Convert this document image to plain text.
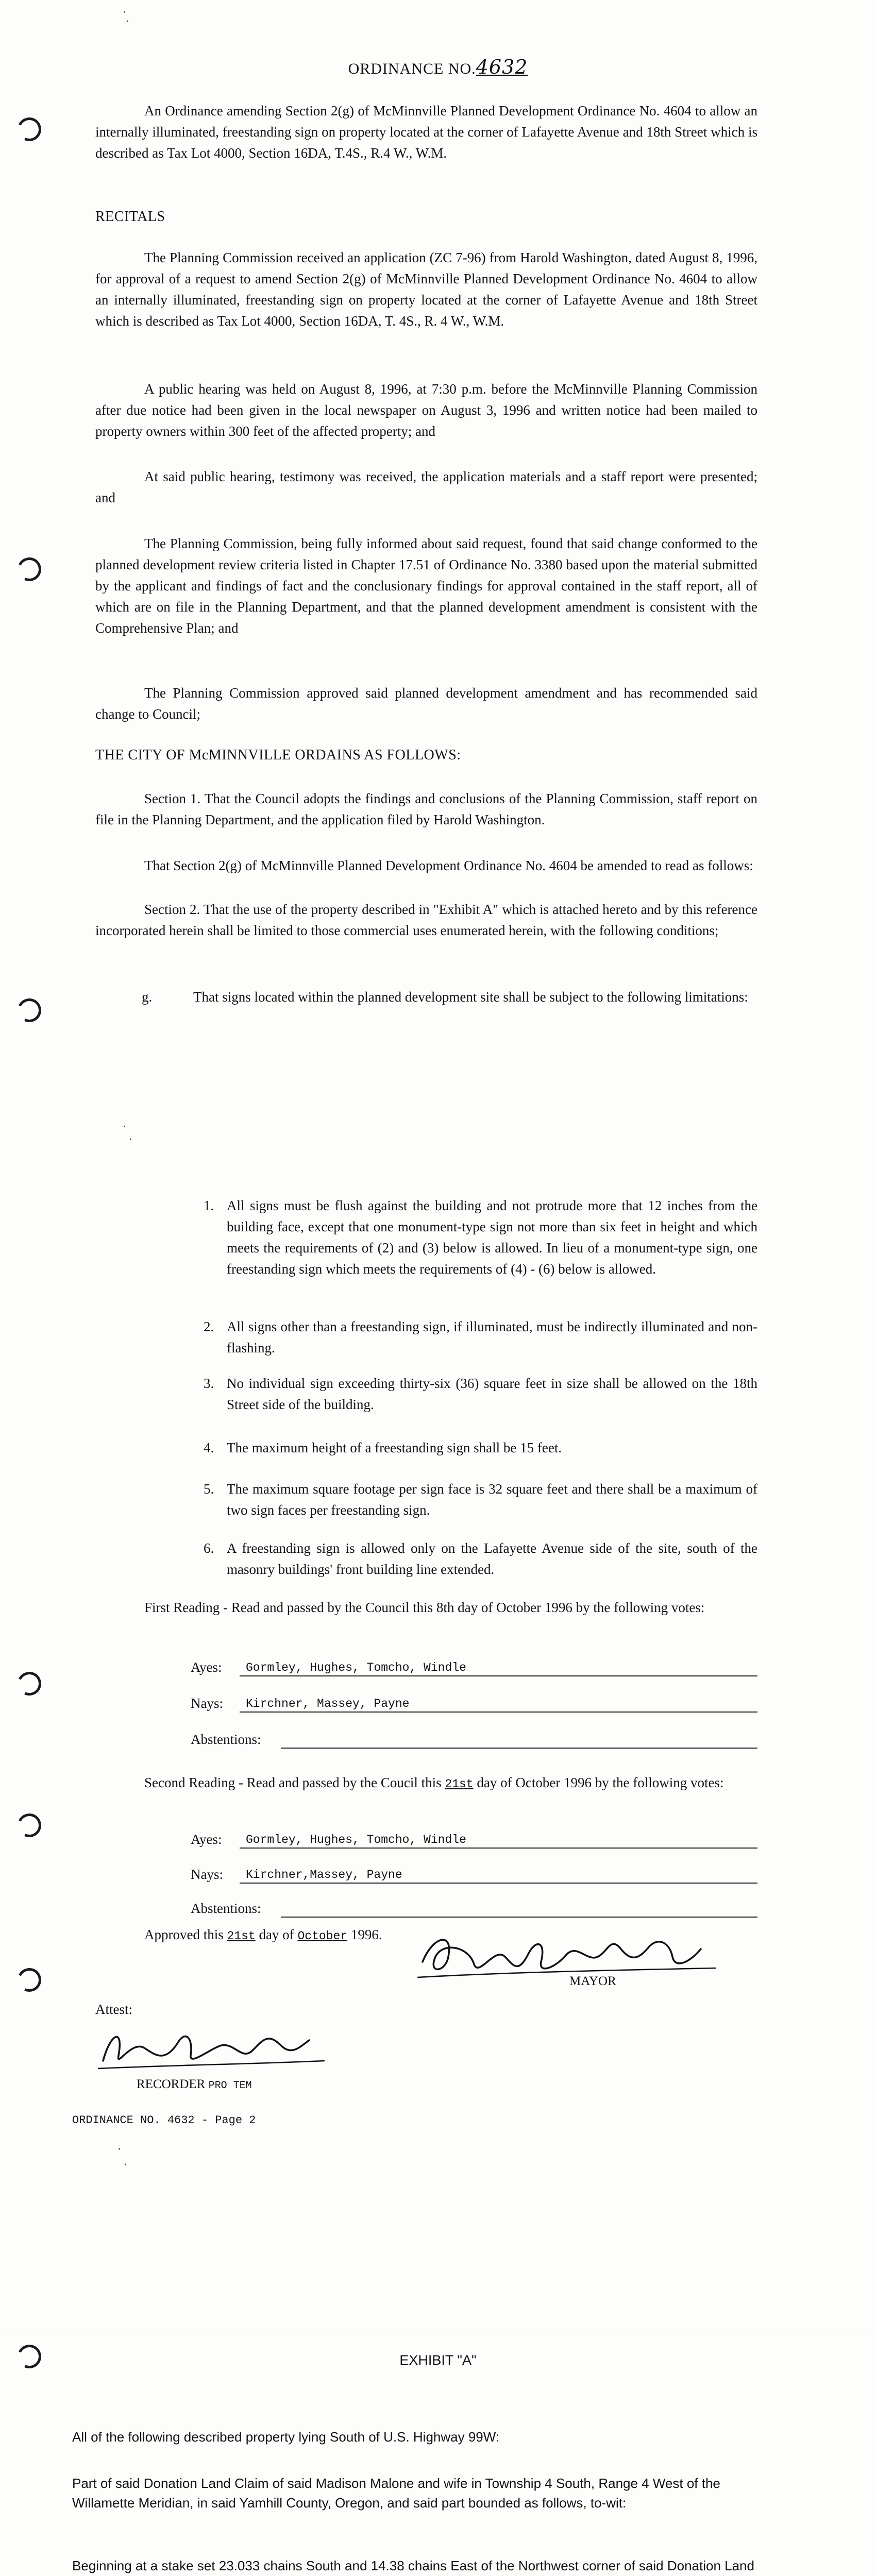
·
·
ORDINANCE NO.4632

An Ordinance amending Section 2(g) of McMinnville Planned Development Ordinance No. 4604 to allow an internally illuminated, freestanding sign on property located at the corner of Lafayette Avenue and 18th Street which is described as Tax Lot 4000, Section 16DA, T.4S., R.4 W., W.M.

RECITALS

The Planning Commission received an application (ZC 7-96) from Harold Washington, dated August 8, 1996, for approval of a request to amend Section 2(g) of McMinnville Planned Development Ordinance No. 4604 to allow an internally illuminated, freestanding sign on property located at the corner of Lafayette Avenue and 18th Street which is described as Tax Lot 4000, Section 16DA, T. 4S., R. 4 W., W.M.

A public hearing was held on August 8, 1996, at 7:30 p.m. before the McMinnville Planning Commission after due notice had been given in the local newspaper on August 3, 1996 and written notice had been mailed to property owners within 300 feet of the affected property; and

At said public hearing, testimony was received, the application materials and a staff report were presented; and

The Planning Commission, being fully informed about said request, found that said change conformed to the planned development review criteria listed in Chapter 17.51 of Ordinance No. 3380 based upon the material submitted by the applicant and findings of fact and the conclusionary findings for approval contained in the staff report, all of which are on file in the Planning Department, and that the planned development amendment is consistent with the Comprehensive Plan; and

The Planning Commission approved said planned development amendment and has recommended said change to Council;

THE CITY OF McMINNVILLE ORDAINS AS FOLLOWS:

Section 1. That the Council adopts the findings and conclusions of the Planning Commission, staff report on file in the Planning Department, and the application filed by Harold Washington.

That Section 2(g) of McMinnville Planned Development Ordinance No. 4604 be amended to read as follows:

Section 2. That the use of the property described in "Exhibit A" which is attached hereto and by this reference incorporated herein shall be limited to those commercial uses enumerated herein, with the following conditions;

g.	That signs located within the planned development site shall be subject to the following limitations:

·
·

1. All signs must be flush against the building and not protrude more that 12 inches from the building face, except that one monument-type sign not more than six feet in height and which meets the requirements of (2) and (3) below is allowed. In lieu of a monument-type sign, one freestanding sign which meets the requirements of (4) - (6) below is allowed.

2. All signs other than a freestanding sign, if illuminated, must be indirectly illuminated and non-flashing.

3. No individual sign exceeding thirty-six (36) square feet in size shall be allowed on the 18th Street side of the building.

4. The maximum height of a freestanding sign shall be 15 feet.

5. The maximum square footage per sign face is 32 square feet and there shall be a maximum of two sign faces per freestanding sign.

6. A freestanding sign is allowed only on the Lafayette Avenue side of the site, south of the masonry buildings' front building line extended.

First Reading - Read and passed by the Council this 8th day of October 1996 by the following votes:

Ayes: Gormley, Hughes, Tomcho, Windle
Nays: Kirchner, Massey, Payne
Abstentions:

Second Reading - Read and passed by the Coucil this 21st day of October 1996 by the following votes:

Ayes: Gormley, Hughes, Tomcho, Windle
Nays: Kirchner,Massey, Payne
Abstentions:

Approved this 21st day of October 1996.

MAYOR

Attest:

RECORDER PRO TEM

ORDINANCE NO. 4632 - Page 2

·
·

EXHIBIT "A"

All of the following described property lying South of U.S. Highway 99W:

Part of said Donation Land Claim of said Madison Malone and wife in Township 4 South, Range 4 West of the Willamette Meridian, in said Yamhill County, Oregon, and said part bounded as follows, to-wit:

Beginning at a stake set 23.033 chains South and 14.38 chains East of the Northwest corner of said Donation Land
